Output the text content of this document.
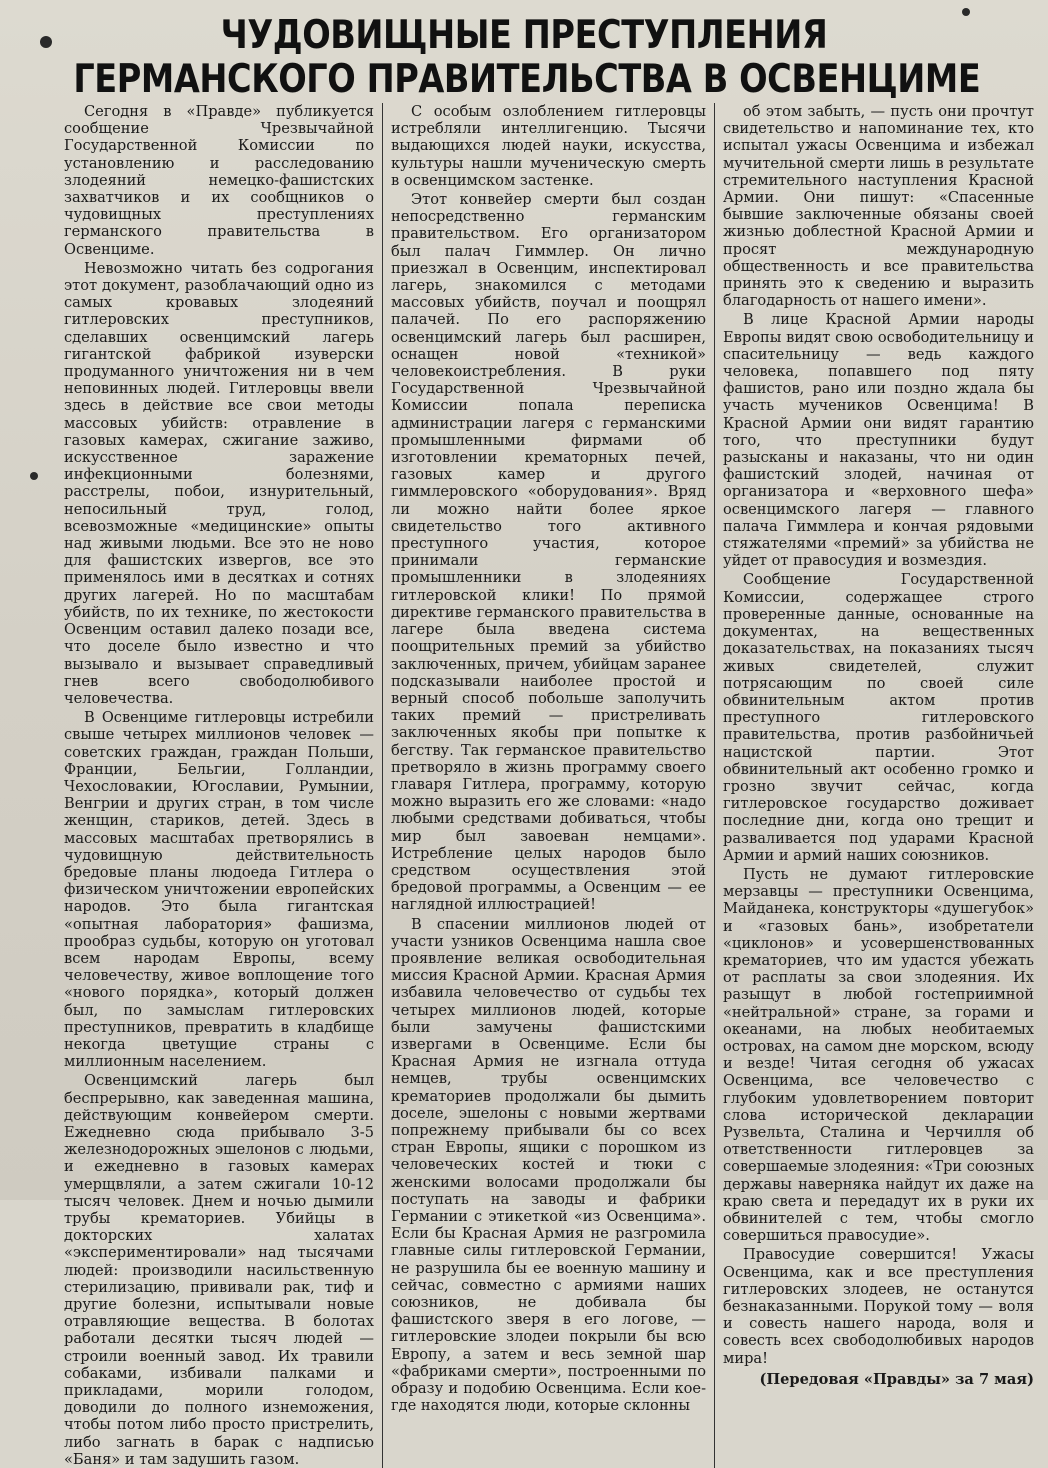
ЧУДОВИЩНЫЕ ПРЕСТУПЛЕНИЯ
ГЕРМАНСКОГО ПРАВИТЕЛЬСТВА В ОСВЕНЦИМЕ

Сегодня в «Правде» публикуется сообщение Чрезвычайной Государственной Комиссии по установлению и расследованию злодеяний немецко-фашистских захватчиков и их сообщников о чудовищных преступлениях германского правительства в Освенциме.

Невозможно читать без содрогания этот документ, разоблачающий одно из самых кровавых злодеяний гитлеровских преступников, сделавших освенцимский лагерь гигантской фабрикой изуверски продуманного уничтожения ни в чем неповинных людей. Гитлеровцы ввели здесь в действие все свои методы массовых убийств: отравление в газовых камерах, сжигание заживо, искусственное заражение инфекционными болезнями, расстрелы, побои, изнурительный, непосильный труд, голод, всевозможные «медицинские» опыты над живыми людьми. Все это не ново для фашистских извергов, все это применялось ими в десятках и сотнях других лагерей. Но по масштабам убийств, по их технике, по жестокости Освенцим оставил далеко позади все, что доселе было известно и что вызывало и вызывает справедливый гнев всего свободолюбивого человечества.

В Освенциме гитлеровцы истребили свыше четырех миллионов человек — советских граждан, граждан Польши, Франции, Бельгии, Голландии, Чехословакии, Югославии, Румынии, Венгрии и других стран, в том числе женщин, стариков, детей. Здесь в массовых масштабах претворялись в чудовищную действительность бредовые планы людоеда Гитлера о физическом уничтожении европейских народов. Это была гигантская «опытная лаборатория» фашизма, прообраз судьбы, которую он уготовал всем народам Европы, всему человечеству, живое воплощение того «нового порядка», который должен был, по замыслам гитлеровских преступников, превратить в кладбище некогда цветущие страны с миллионным населением.

Освенцимский лагерь был беспрерывно, как заведенная машина, действующим конвейером смерти. Ежедневно сюда прибывало 3-5 железнодорожных эшелонов с людьми, и ежедневно в газовых камерах умерщвляли, а затем сжигали 10-12 тысяч человек. Днем и ночью дымили трубы крематориев. Убийцы в докторских халатах «экспериментировали» над тысячами людей: производили насильственную стерилизацию, прививали рак, тиф и другие болезни, испытывали новые отравляющие вещества. В болотах работали десятки тысяч людей — строили военный завод. Их травили собаками, избивали палками и прикладами, морили голодом, доводили до полного изнеможения, чтобы потом либо просто пристрелить, либо загнать в барак с надписью «Баня» и там задушить газом.

С особым озлоблением гитлеровцы истребляли интеллигенцию. Тысячи выдающихся людей науки, искусства, культуры нашли мученическую смерть в освенцимском застенке.

Этот конвейер смерти был создан непосредственно германским правительством. Его организатором был палач Гиммлер. Он лично приезжал в Освенцим, инспектировал лагерь, знакомился с методами массовых убийств, поучал и поощрял палачей. По его распоряжению освенцимский лагерь был расширен, оснащен новой «техникой» человекоистребления. В руки Государственной Чрезвычайной Комиссии попала переписка администрации лагеря с германскими промышленными фирмами об изготовлении крематорных печей, газовых камер и другого гиммлеровского «оборудования». Вряд ли можно найти более яркое свидетельство того активного преступного участия, которое принимали германские промышленники в злодеяниях гитлеровской клики! По прямой директиве германского правительства в лагере была введена система поощрительных премий за убийство заключенных, причем, убийцам заранее подсказывали наиболее простой и верный способ побольше заполучить таких премий — пристреливать заключенных якобы при попытке к бегству. Так германское правительство претворяло в жизнь программу своего главаря Гитлера, программу, которую можно выразить его же словами: «надо любыми средствами добиваться, чтобы мир был завоеван немцами». Истребление целых народов было средством осуществления этой бредовой программы, а Освенцим — ее наглядной иллюстрацией!

В спасении миллионов людей от участи узников Освенцима нашла свое проявление великая освободительная миссия Красной Армии. Красная Армия избавила человечество от судьбы тех четырех миллионов людей, которые были замучены фашистскими извергами в Освенциме. Если бы Красная Армия не изгнала оттуда немцев, трубы освенцимских крематориев продолжали бы дымить доселе, эшелоны с новыми жертвами попрежнему прибывали бы со всех стран Европы, ящики с порошком из человеческих костей и тюки с женскими волосами продолжали бы поступать на заводы и фабрики Германии с этикеткой «из Освенцима». Если бы Красная Армия не разгромила главные силы гитлеровской Германии, не разрушила бы ее военную машину и сейчас, совместно с армиями наших союзников, не добивала бы фашистского зверя в его логове, — гитлеровские злодеи покрыли бы всю Европу, а затем и весь земной шар «фабриками смерти», построенными по образу и подобию Освенцима. Если кое-где находятся люди, которые склонны

об этом забыть, — пусть они прочтут свидетельство и напоминание тех, кто испытал ужасы Освенцима и избежал мучительной смерти лишь в результате стремительного наступления Красной Армии. Они пишут: «Спасенные бывшие заключенные обязаны своей жизнью доблестной Красной Армии и просят международную общественность и все правительства принять это к сведению и выразить благодарность от нашего имени».

В лице Красной Армии народы Европы видят свою освободительницу и спасительницу — ведь каждого человека, попавшего под пяту фашистов, рано или поздно ждала бы участь мучеников Освенцима! В Красной Армии они видят гарантию того, что преступники будут разысканы и наказаны, что ни один фашистский злодей, начиная от организатора и «верховного шефа» освенцимского лагеря — главного палача Гиммлера и кончая рядовыми стяжателями «премий» за убийства не уйдет от правосудия и возмездия.

Сообщение Государственной Комиссии, содержащее строго проверенные данные, основанные на документах, на вещественных доказательствах, на показаниях тысяч живых свидетелей, служит потрясающим по своей силе обвинительным актом против преступного гитлеровского правительства, против разбойничьей нацистской партии. Этот обвинительный акт особенно громко и грозно звучит сейчас, когда гитлеровское государство доживает последние дни, когда оно трещит и разваливается под ударами Красной Армии и армий наших союзников.

Пусть не думают гитлеровские мерзавцы — преступники Освенцима, Майданека, конструкторы «душегубок» и «газовых бань», изобретатели «циклонов» и усовершенствованных крематориев, что им удастся убежать от расплаты за свои злодеяния. Их разыщут в любой гостеприимной «нейтральной» стране, за горами и океанами, на любых необитаемых островах, на самом дне морском, всюду и везде! Читая сегодня об ужасах Освенцима, все человечество с глубоким удовлетворением повторит слова исторической декларации Рузвельта, Сталина и Черчилля об ответственности гитлеровцев за совершаемые злодеяния: «Три союзных державы наверняка найдут их даже на краю света и передадут их в руки их обвинителей с тем, чтобы смогло совершиться правосудие».

Правосудие совершится! Ужасы Освенцима, как и все преступления гитлеровских злодеев, не останутся безнаказанными. Порукой тому — воля и совесть нашего народа, воля и совесть всех свободолюбивых народов мира!

(Передовая «Правды» за 7 мая)
